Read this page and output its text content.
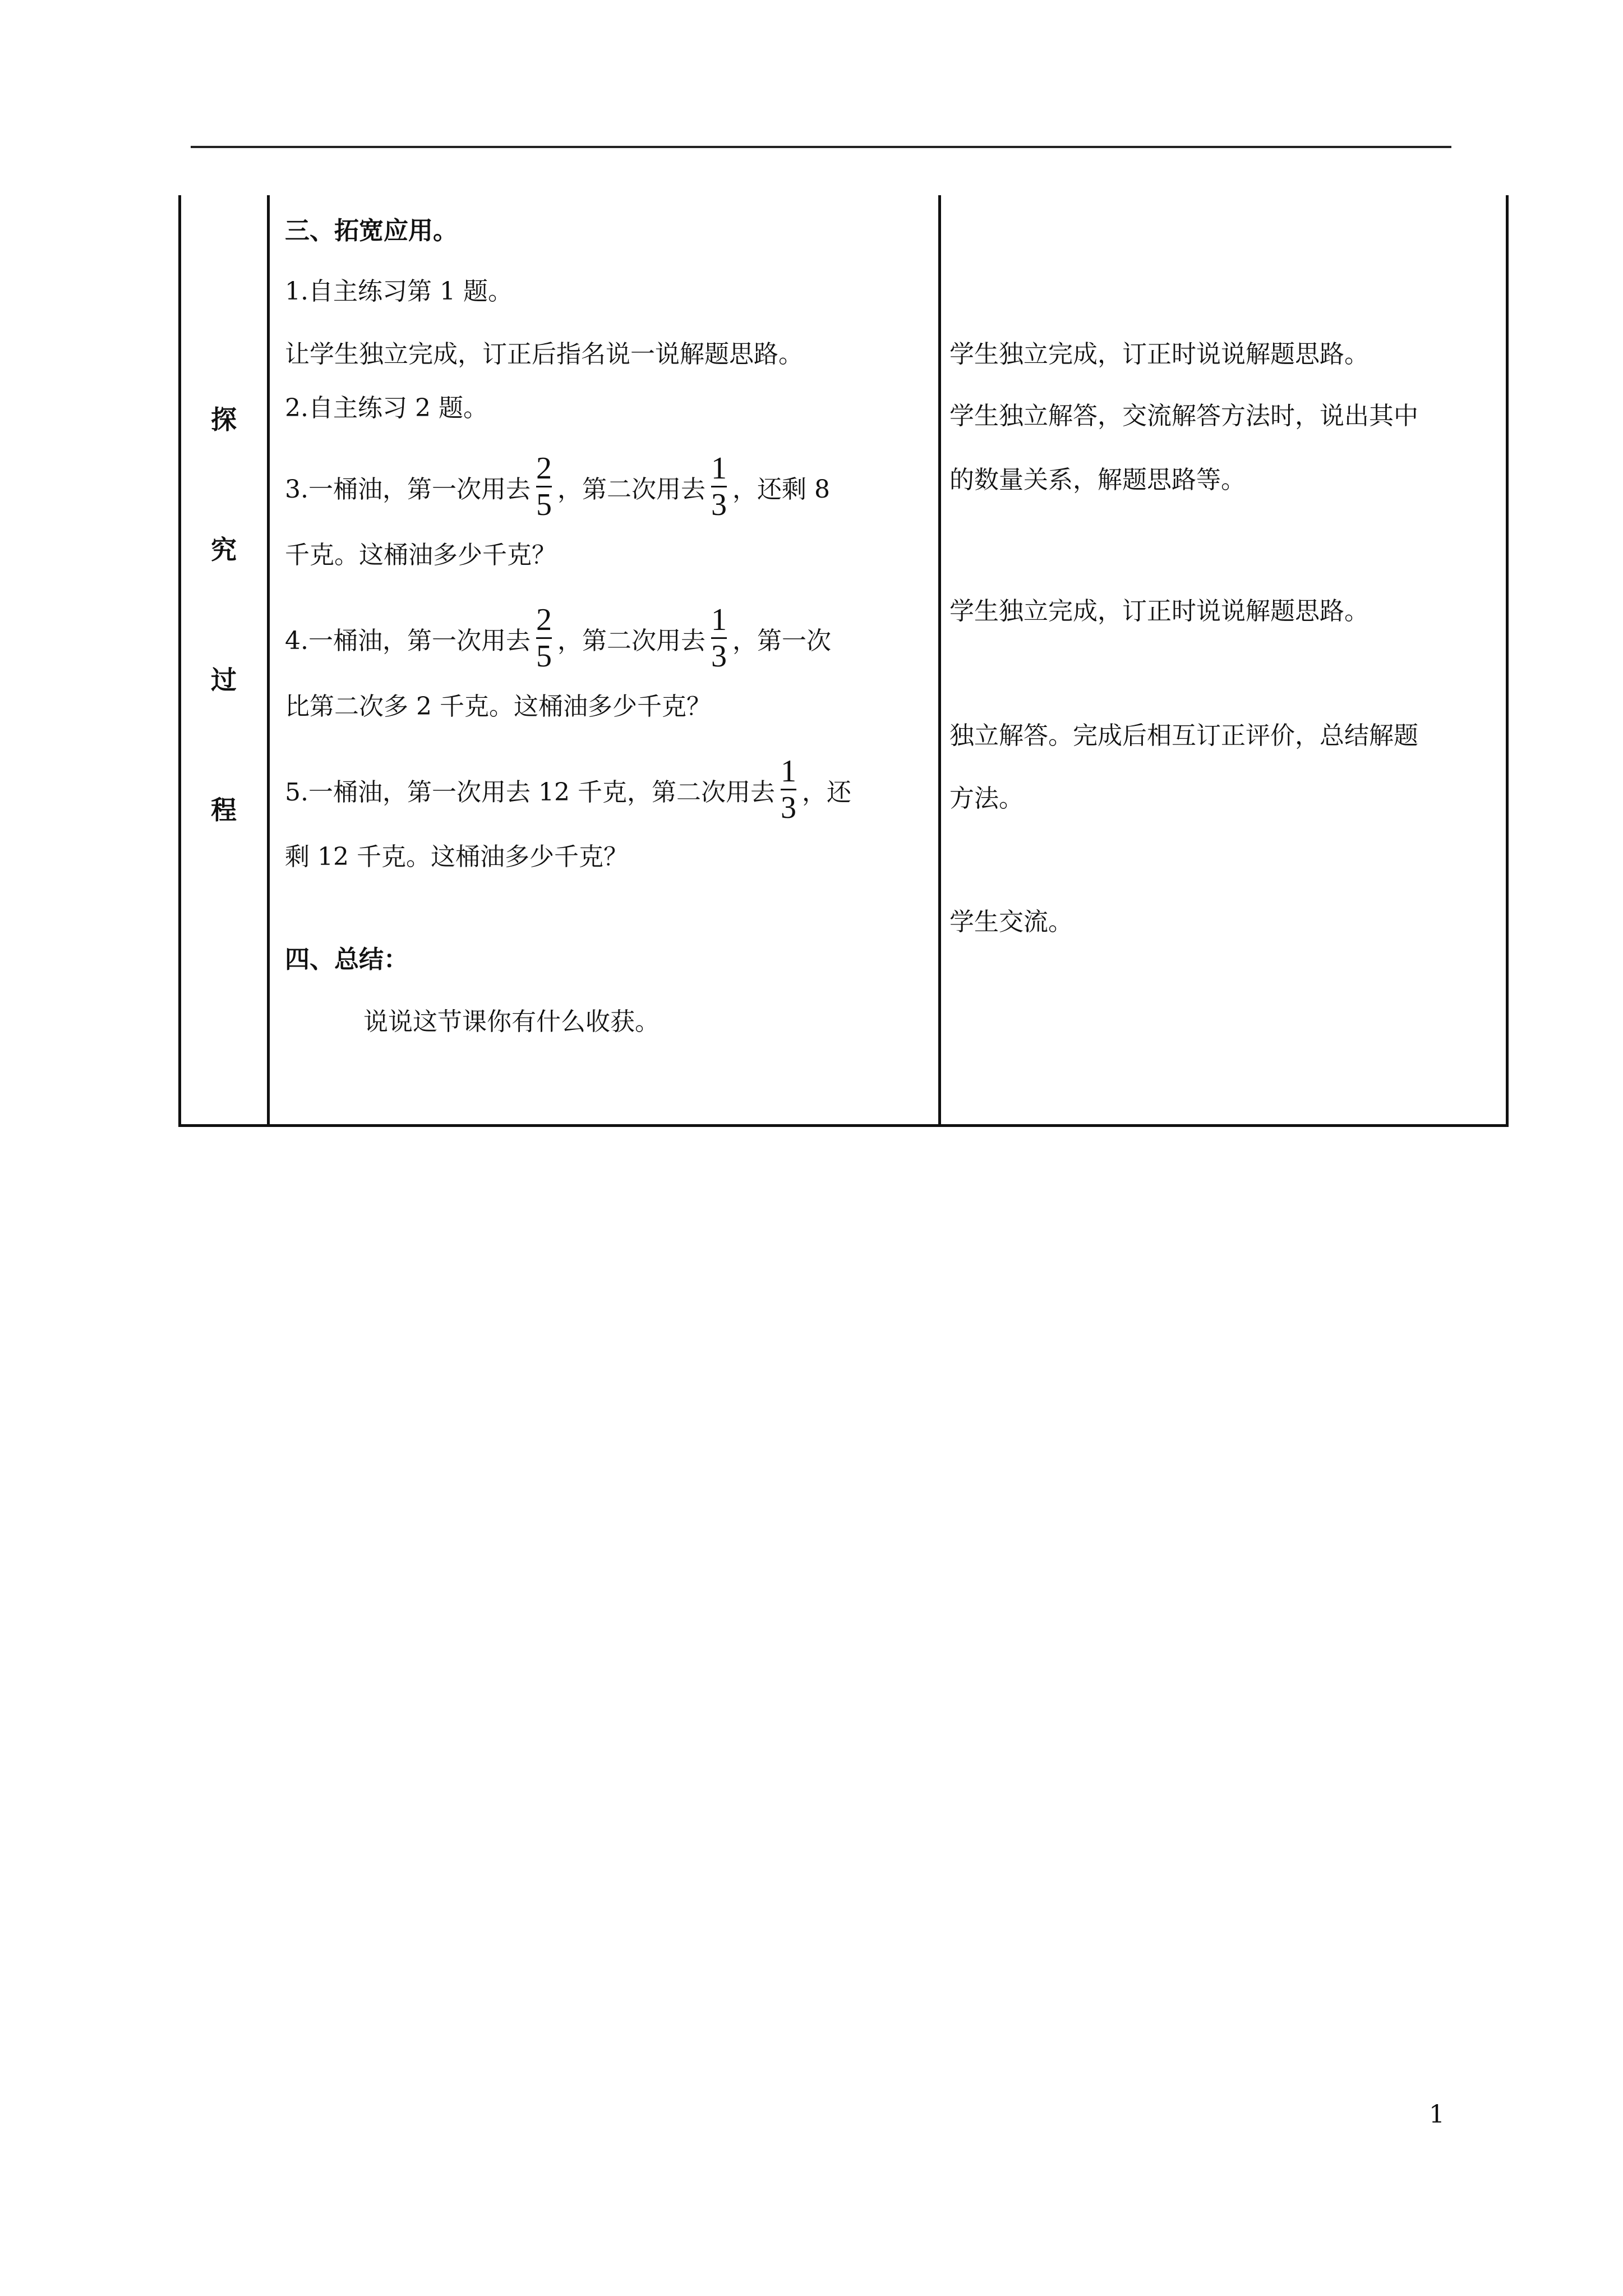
探
究
过
程
三、拓宽应用。
1.自主练习第 1 题。
让学生独立完成，订正后指名说一说解题思路。
2.自主练习 2 题。
3.一桶油，第一次用去 $\frac{2}{5}$ ，第二次用去 $\frac{1}{3}$ ，还剩 8
千克。这桶油多少千克？
4.一桶油，第一次用去 $\frac{2}{5}$ ，第二次用去 $\frac{1}{3}$ ，第一次
比第二次多 2 千克。这桶油多少千克？
5.一桶油，第一次用去 12 千克，第二次用去 $\frac{1}{3}$ ，还
剩 12 千克。这桶油多少千克？
四、总结：
说说这节课你有什么收获。
学生独立完成，订正时说说解题思路。
学生独立解答，交流解答方法时，说出其中
的数量关系，解题思路等。
学生独立完成，订正时说说解题思路。
独立解答。完成后相互订正评价，总结解题
方法。
学生交流。
1
